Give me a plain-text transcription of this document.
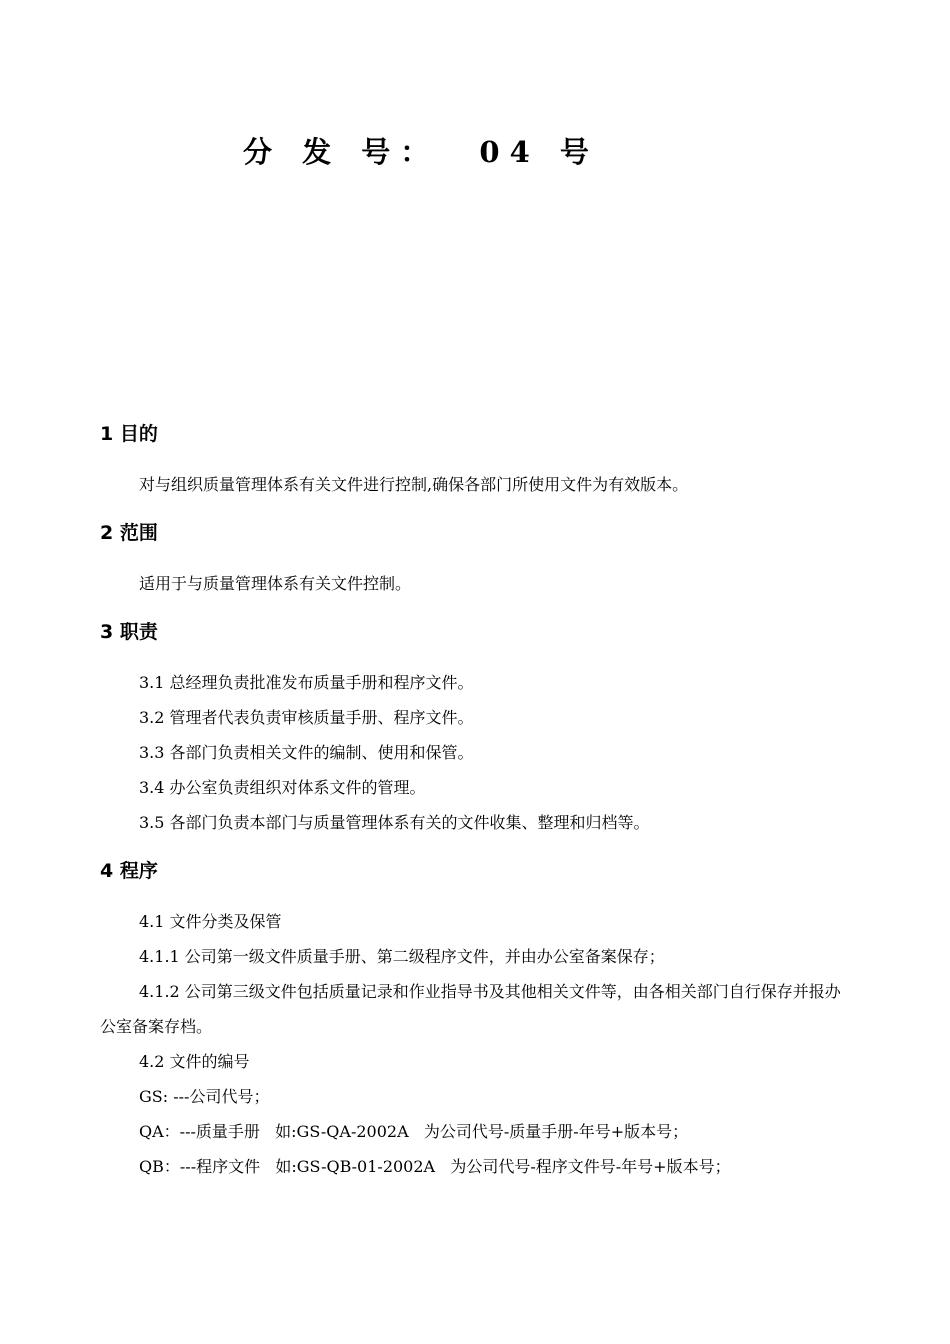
分 发 号：  04 号
1 目的

对与组织质量管理体系有关文件进行控制,确保各部门所使用文件为有效版本。

2 范围

适用于与质量管理体系有关文件控制。

3 职责

3.1 总经理负责批准发布质量手册和程序文件。

3.2 管理者代表负责审核质量手册、程序文件。

3.3 各部门负责相关文件的编制、使用和保管。

3.4 办公室负责组织对体系文件的管理。

3.5 各部门负责本部门与质量管理体系有关的文件收集、整理和归档等。

4 程序

4.1 文件分类及保管

4.1.1 公司第一级文件质量手册、第二级程序文件，并由办公室备案保存；

4.1.2 公司第三级文件包括质量记录和作业指导书及其他相关文件等，由各相关部门自行保存并报办公室备案存档。

4.2 文件的编号

GS: ---公司代号；

QA：---质量手册   如:GS-QA-2002A   为公司代号-质量手册-年号+版本号；

QB：---程序文件   如:GS-QB-01-2002A   为公司代号-程序文件号-年号+版本号；
